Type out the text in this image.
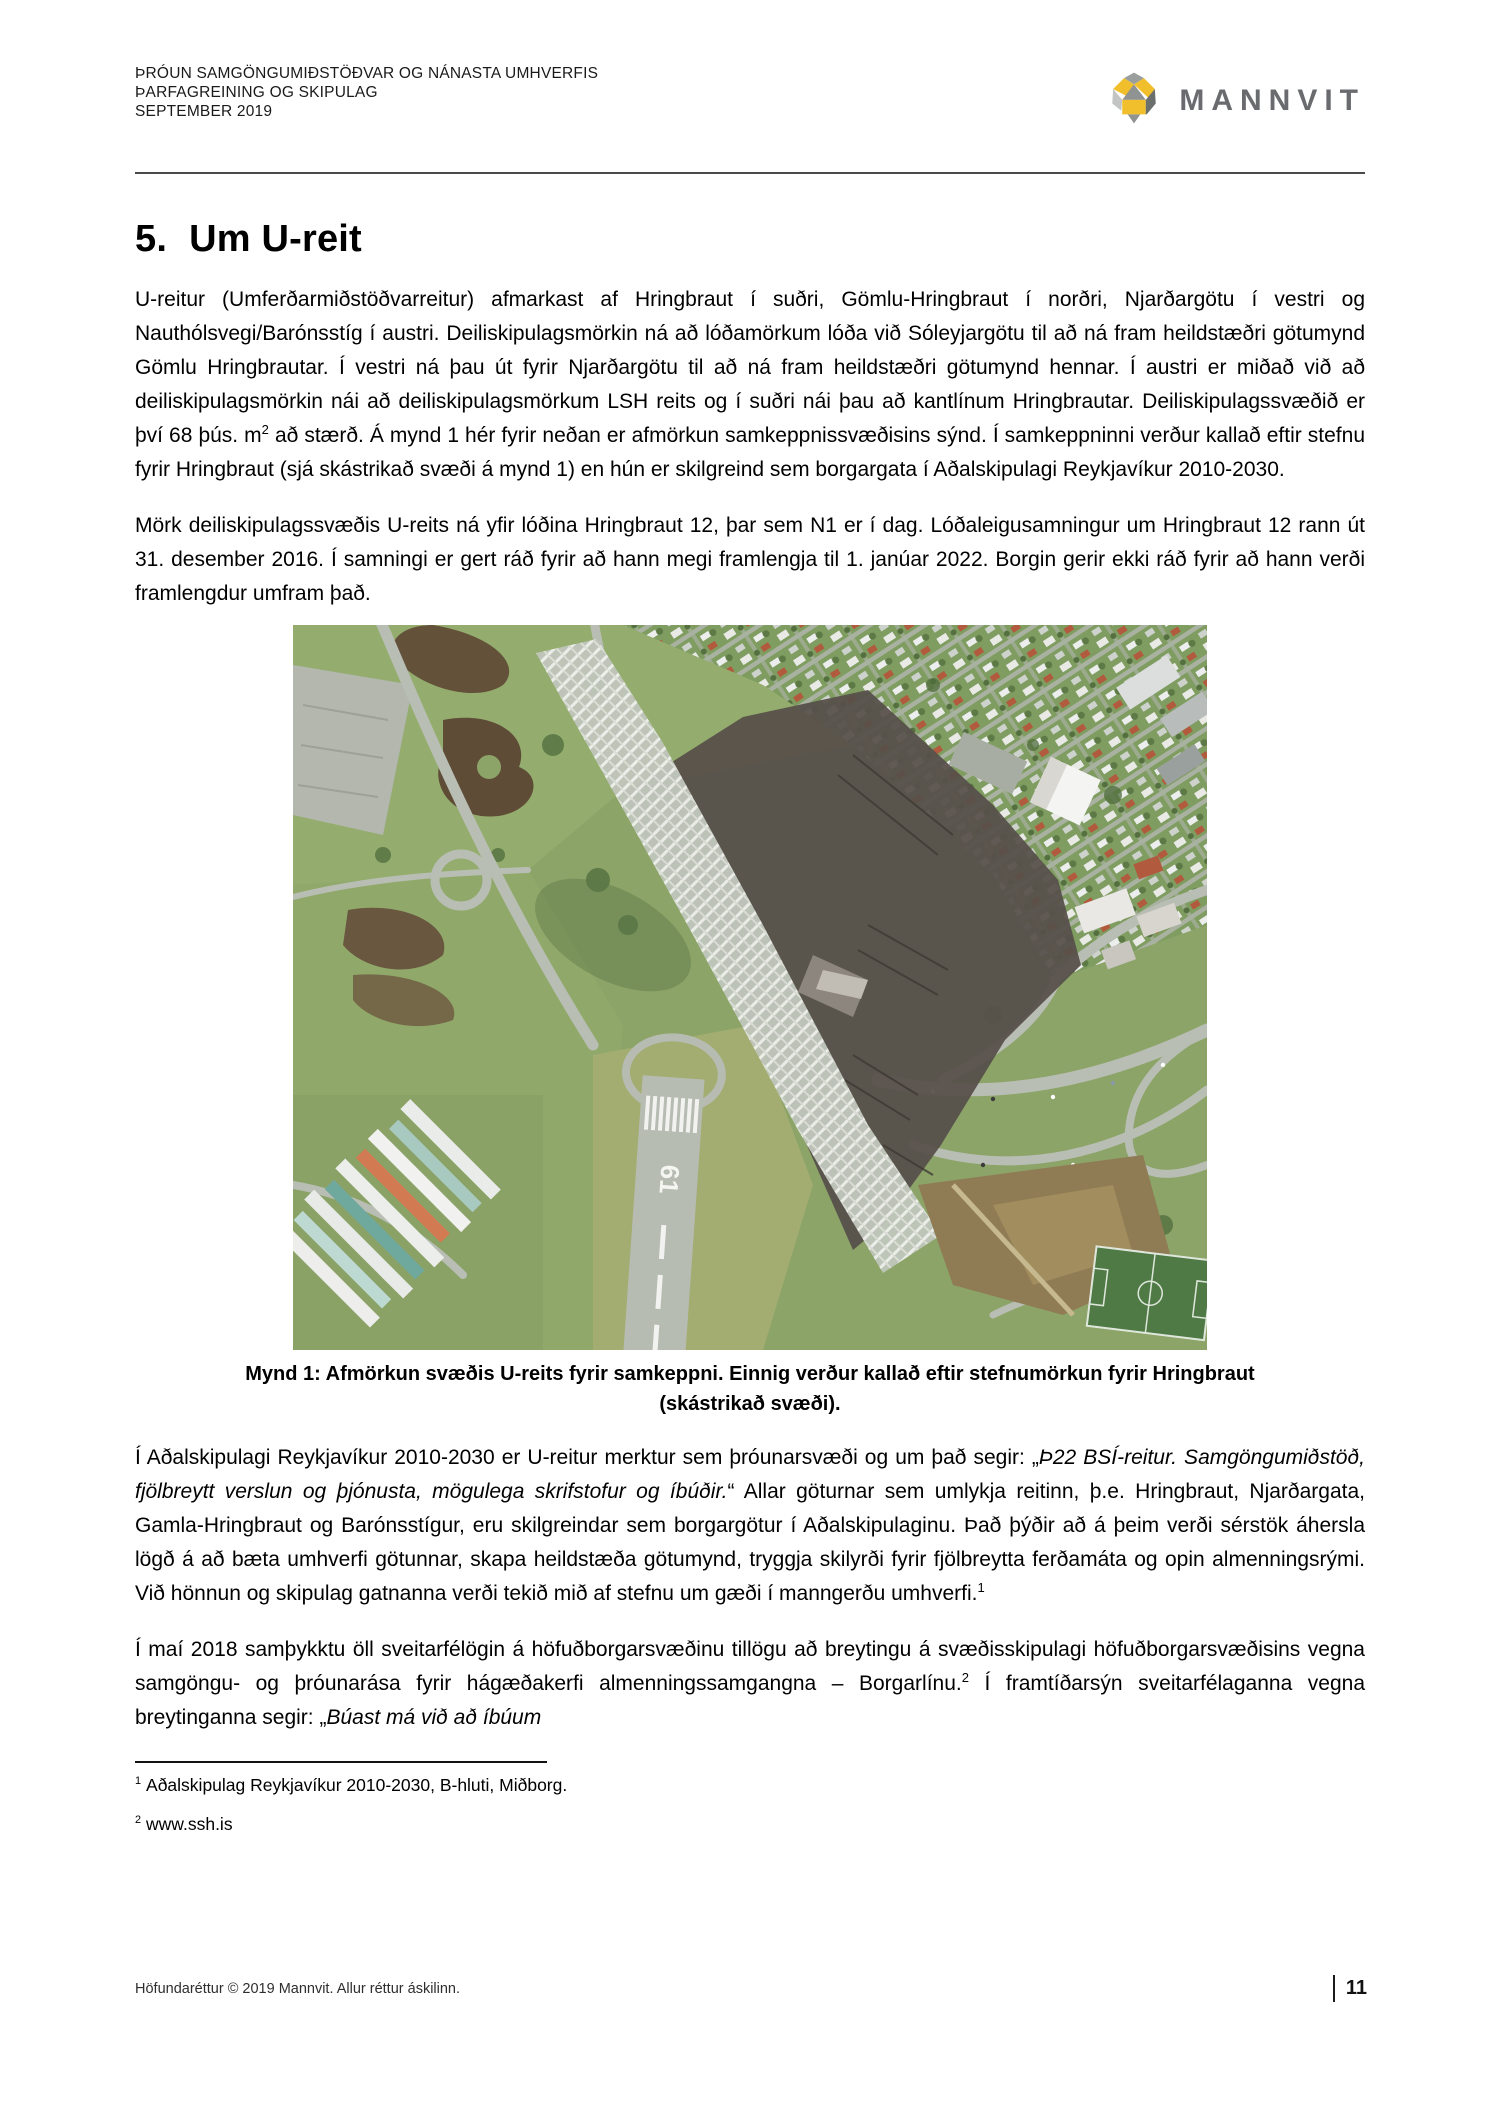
ÞRÓUN SAMGÖNGUMIÐSTÖÐVAR OG NÁNASTA UMHVERFIS
ÞARFAGREINING OG SKIPULAG
SEPTEMBER 2019	MANNVIT
5. Um U-reit

U-reitur (Umferðarmiðstöðvarreitur) afmarkast af Hringbraut í suðri, Gömlu-Hringbraut í norðri, Njarðargötu í vestri og Nauthólsvegi/Barónsstíg í austri. Deiliskipulagsmörkin ná að lóðamörkum lóða við Sóleyjargötu til að ná fram heildstæðri götumynd Gömlu Hringbrautar. Í vestri ná þau út fyrir Njarðargötu til að ná fram heildstæðri götumynd hennar. Í austri er miðað við að deiliskipulagsmörkin nái að deiliskipulagsmörkum LSH reits og í suðri nái þau að kantlínum Hringbrautar. Deiliskipulagssvæðið er því 68 þús. $m^2$ að stærð. Á mynd 1 hér fyrir neðan er afmörkun samkeppnissvæðisins sýnd. Í samkeppninni verður kallað eftir stefnu fyrir Hringbraut (sjá skástrikað svæði á mynd 1) en hún er skilgreind sem borgargata í Aðalskipulagi Reykjavíkur 2010-2030.

Mörk deiliskipulagssvæðis U-reits ná yfir lóðina Hringbraut 12, þar sem N1 er í dag. Lóðaleigusamningur um Hringbraut 12 rann út 31. desember 2016. Í samningi er gert ráð fyrir að hann megi framlengja til 1. janúar 2022. Borgin gerir ekki ráð fyrir að hann verði framlengdur umfram það.

61
Mynd 1: Afmörkun svæðis U-reits fyrir samkeppni. Einnig verður kallað eftir stefnumörkun fyrir Hringbraut
(skástrikað svæði).

Í Aðalskipulagi Reykjavíkur 2010-2030 er U-reitur merktur sem þróunarsvæði og um það segir: „Þ22 BSÍ-reitur. Samgöngumiðstöð, fjölbreytt verslun og þjónusta, mögulega skrifstofur og íbúðir.“ Allar göturnar sem umlykja reitinn, þ.e. Hringbraut, Njarðargata, Gamla-Hringbraut og Barónsstígur, eru skilgreindar sem borgargötur í Aðalskipulaginu. Það þýðir að á þeim verði sérstök áhersla lögð á að bæta umhverfi götunnar, skapa heildstæða götumynd, tryggja skilyrði fyrir fjölbreytta ferðamáta og opin almenningsrými. Við hönnun og skipulag gatnanna verði tekið mið af stefnu um gæði í manngerðu umhverfi.$^1$

Í maí 2018 samþykktu öll sveitarfélögin á höfuðborgarsvæðinu tillögu að breytingu á svæðisskipulagi höfuðborgarsvæðisins vegna samgöngu- og þróunarása fyrir hágæðakerfi almenningssamgangna – Borgarlínu.$^2$ Í framtíðarsýn sveitarfélaganna vegna breytinganna segir: „Búast má við að íbúum

$^1$ Aðalskipulag Reykjavíkur 2010-2030, B-hluti, Miðborg.
$^2$ www.ssh.is
Höfundaréttur © 2019 Mannvit. Allur réttur áskilinn.	11
